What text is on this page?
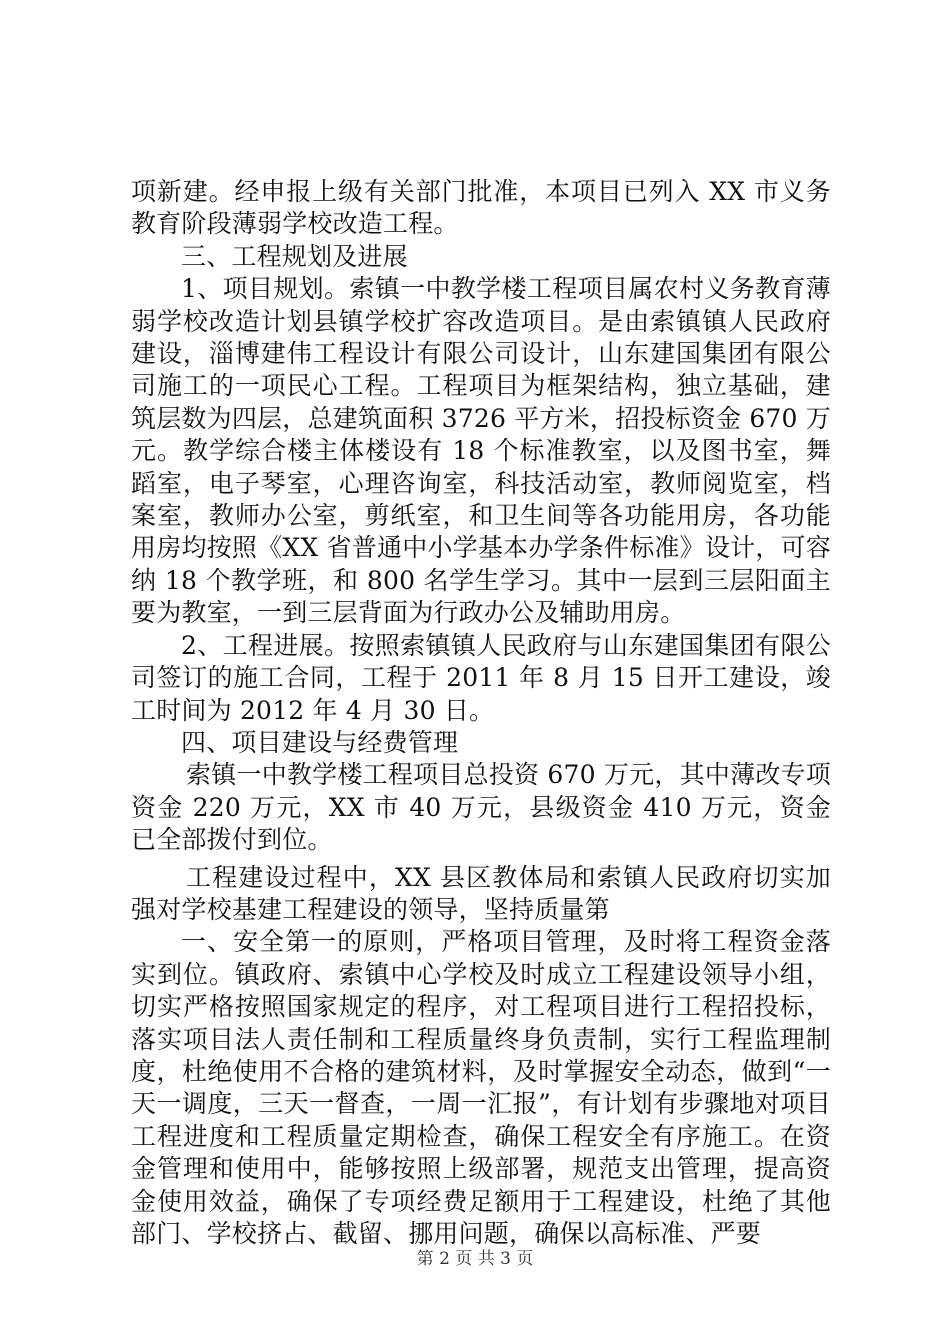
项新建。经申报上级有关部门批准，本项目已列入 XX 市义务教育阶段薄弱学校改造工程。

三、工程规划及进展

1、项目规划。索镇一中教学楼工程项目属农村义务教育薄弱学校改造计划县镇学校扩容改造项目。是由索镇镇人民政府建设，淄博建伟工程设计有限公司设计，山东建国集团有限公司施工的一项民心工程。工程项目为框架结构，独立基础，建筑层数为四层，总建筑面积 3726 平方米，招投标资金 670 万元。教学综合楼主体楼设有 18 个标准教室，以及图书室，舞蹈室，电子琴室，心理咨询室，科技活动室，教师阅览室，档案室，教师办公室，剪纸室，和卫生间等各功能用房，各功能用房均按照《XX 省普通中小学基本办学条件标准》设计，可容纳 18 个教学班，和 800 名学生学习。其中一层到三层阳面主要为教室，一到三层背面为行政办公及辅助用房。

2、工程进展。按照索镇镇人民政府与山东建国集团有限公司签订的施工合同，工程于 2011 年 8 月 15 日开工建设，竣工时间为 2012 年 4 月 30 日。

四、项目建设与经费管理

索镇一中教学楼工程项目总投资 670 万元，其中薄改专项资金 220 万元，XX 市 40 万元，县级资金 410 万元，资金已全部拨付到位。

工程建设过程中，XX 县区教体局和索镇人民政府切实加强对学校基建工程建设的领导，坚持质量第

一、安全第一的原则，严格项目管理，及时将工程资金落实到位。镇政府、索镇中心学校及时成立工程建设领导小组，切实严格按照国家规定的程序，对工程项目进行工程招投标，落实项目法人责任制和工程质量终身负责制，实行工程监理制度，杜绝使用不合格的建筑材料，及时掌握安全动态，做到“一天一调度，三天一督查，一周一汇报”，有计划有步骤地对项目工程进度和工程质量定期检查，确保工程安全有序施工。在资金管理和使用中，能够按照上级部署，规范支出管理，提高资金使用效益，确保了专项经费足额用于工程建设，杜绝了其他部门、学校挤占、截留、挪用问题，确保以高标准、严要

第 2 页 共 3 页
